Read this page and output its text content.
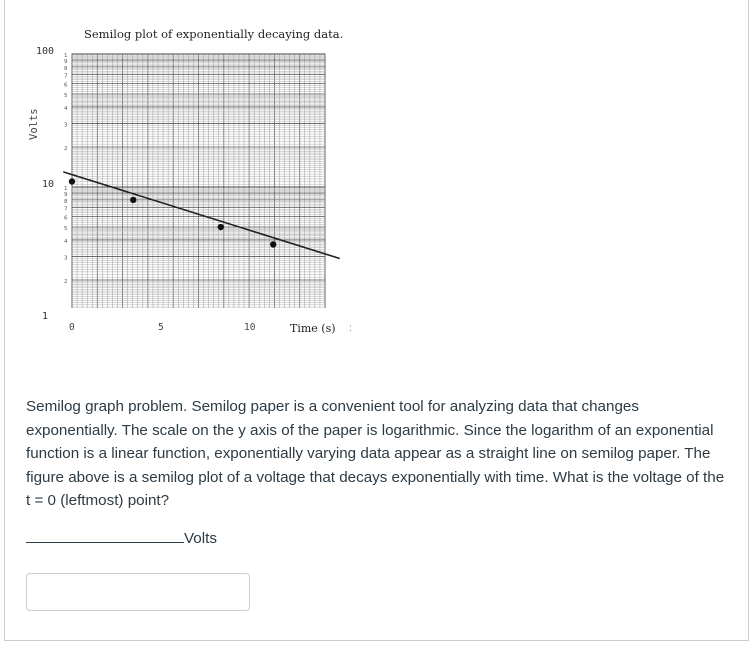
Semilog plot of exponentially decaying data.
100
10
1
Volts
1
9
8
7
6
5
4
3
2
1
9
8
7
6
5
4
3
2
0	5	10	Time (s) :
Semilog graph problem. Semilog paper is a convenient tool for analyzing data that changes exponentially. The scale on the y axis of the paper is logarithmic. Since the logarithm of an exponential function is a linear function, exponentially varying data appear as a straight line on semilog paper. The figure above is a semilog plot of a voltage that decays exponentially with time. What is the voltage of the t = 0 (leftmost) point?
Volts
